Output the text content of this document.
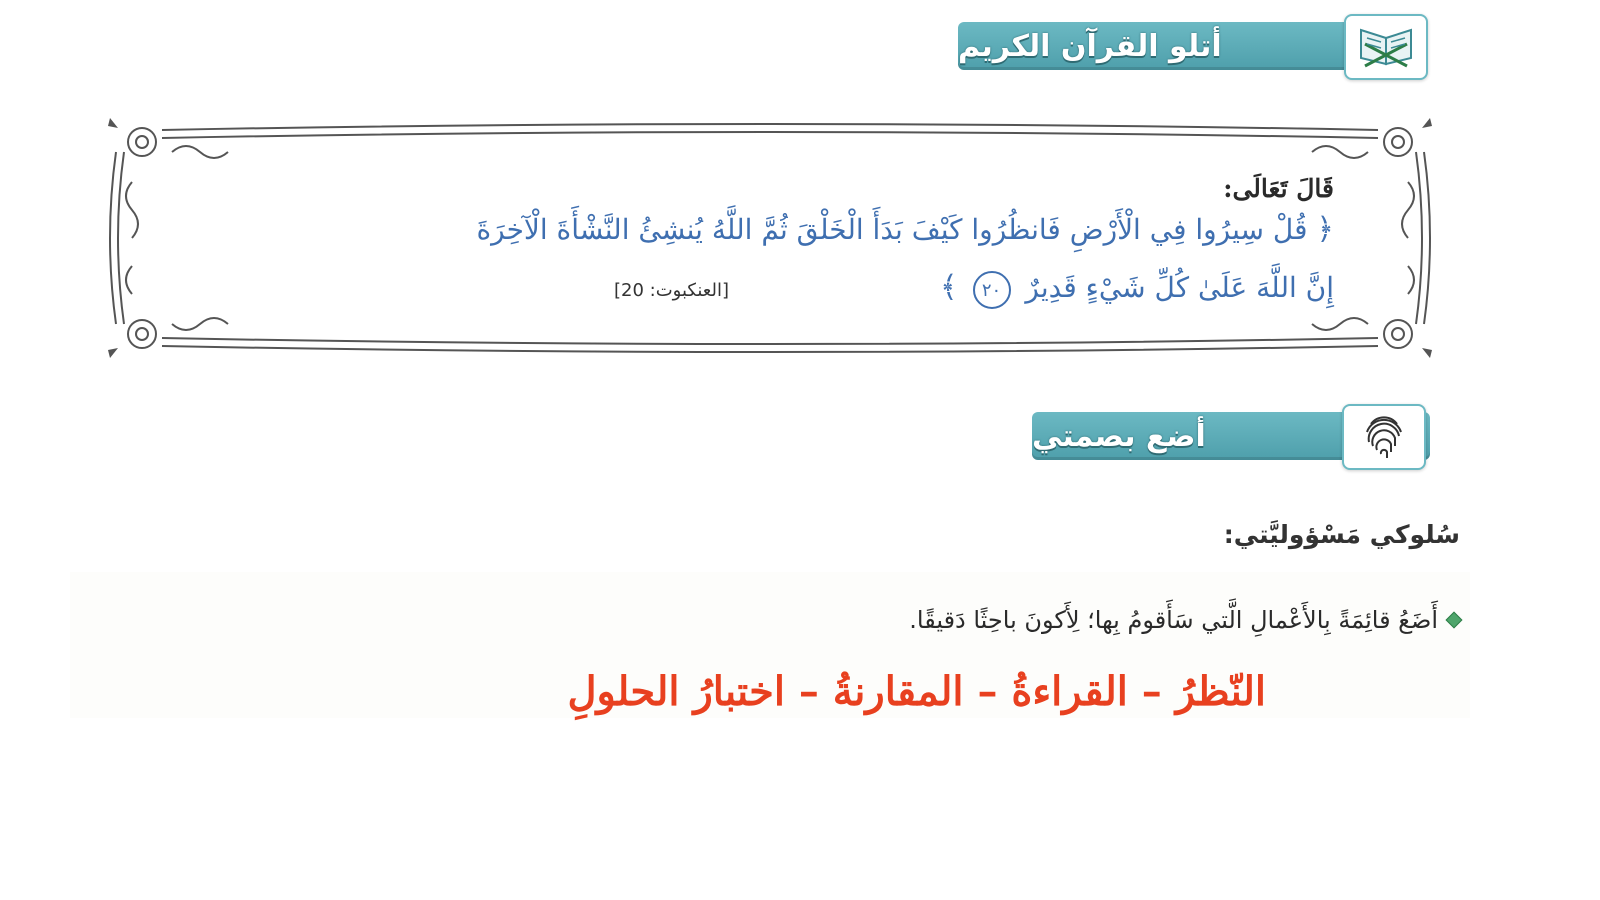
أتلو القرآن الكريم
قَالَ تَعَالَى:
﴿ قُلْ سِيرُوا فِي الْأَرْضِ فَانظُرُوا كَيْفَ بَدَأَ الْخَلْقَ ثُمَّ اللَّهُ يُنشِئُ النَّشْأَةَ الْآخِرَةَ
إِنَّ اللَّهَ عَلَىٰ كُلِّ شَيْءٍ قَدِيرٌ ٢٠ ﴾
[العنكبوت: 20]
أضع بصمتي
سُلوكي مَسْؤوليَّتي:
أَضَعُ قائِمَةً بِالأَعْمالِ الَّتي سَأَقومُ بِها؛ لِأَكونَ باحِثًا دَقيقًا.
النّظرُ – القراءةُ – المقارنةُ – اختبارُ الحلولِ
